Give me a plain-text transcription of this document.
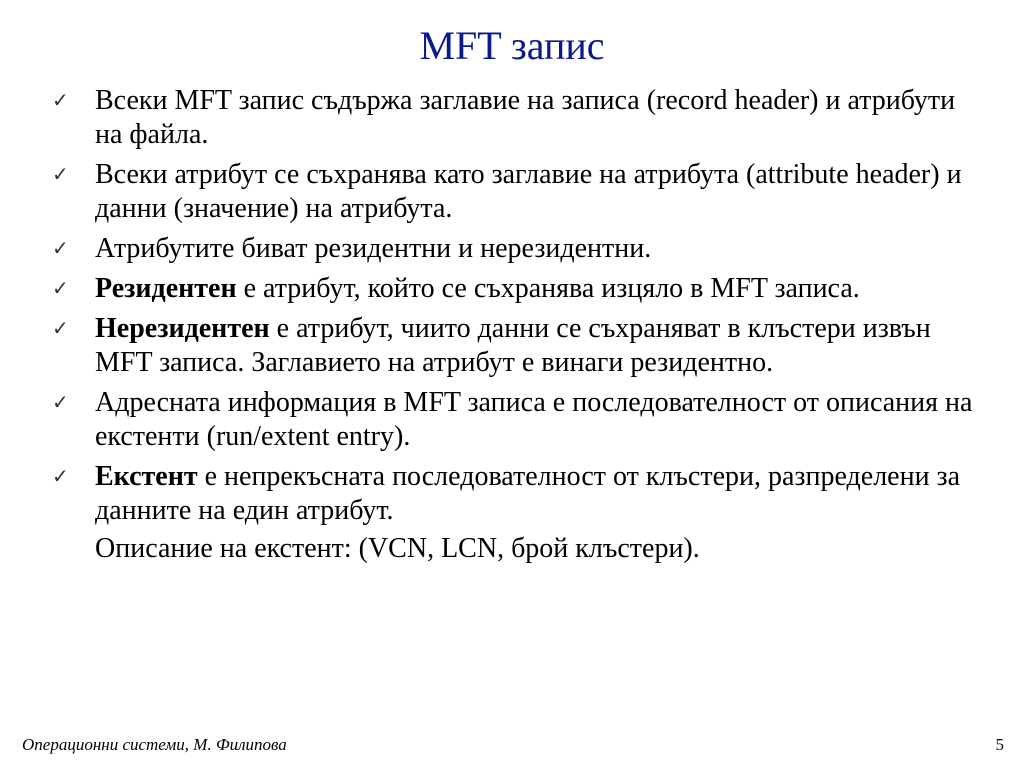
MFT запис
✓ Всеки MFT запис съдържа заглавие на записа (record header) и атрибути на файла.
✓ Всеки атрибут се съхранява като заглавие на атрибута (attribute header) и данни (значение) на атрибута.
✓ Атрибутите биват резидентни и нерезидентни.
✓ Резидентен е атрибут, който се съхранява изцяло в MFT записа.
✓ Нерезидентен е атрибут, чиито данни се съхраняват в клъстери извън MFT записа. Заглавието на атрибут е винаги резидентно.
✓ Адресната информация в MFT записа е последователност от описания на екстенти (run/extent entry).
✓ Екстент е непрекъсната последователност от клъстери, разпределени за данните на един атрибут.
Описание на екстент: (VCN, LCN, брой клъстери).
Операционни системи, М. Филипова	5
